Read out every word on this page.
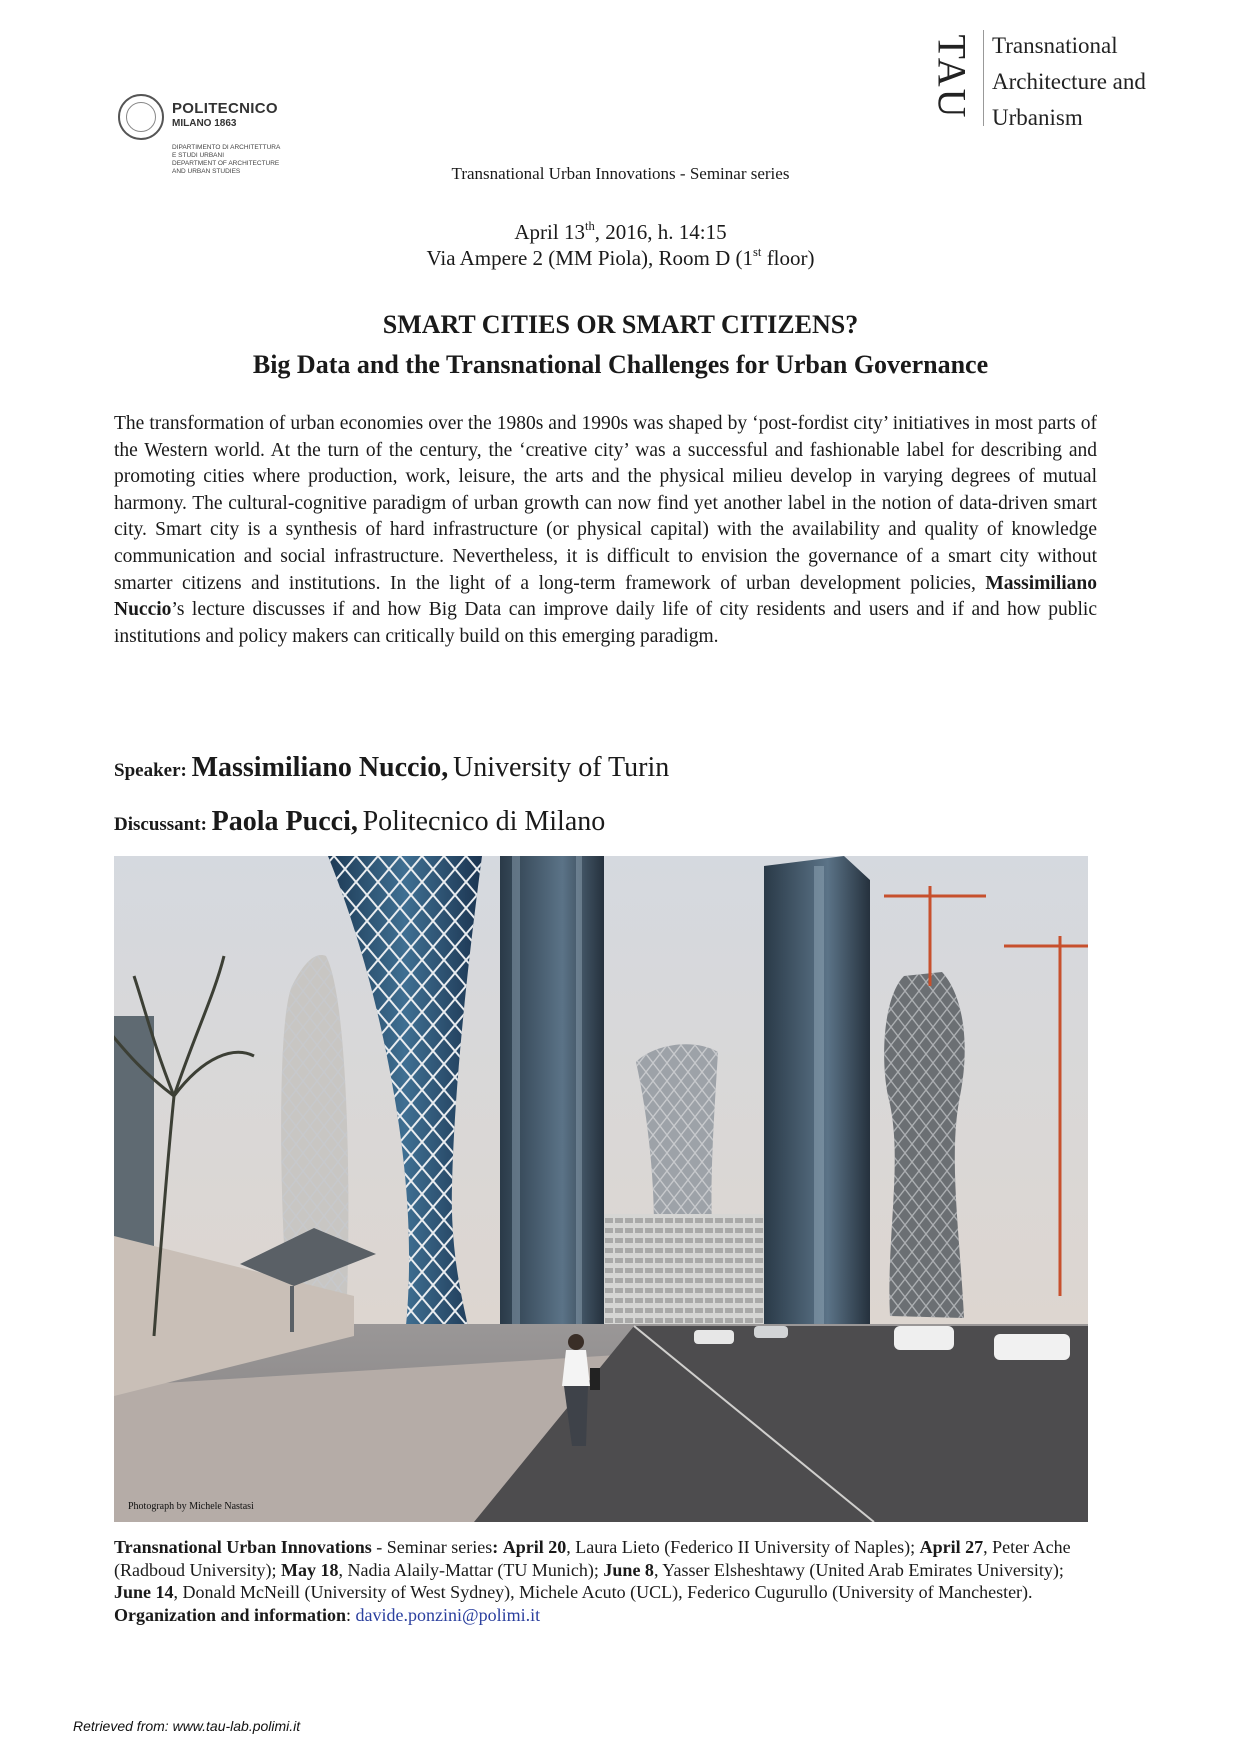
POLITECNICO
MILANO 1863
DIPARTIMENTO DI ARCHITETTURA
E STUDI URBANI
DEPARTMENT OF ARCHITECTURE
AND URBAN STUDIES
TAU Transnational
Architecture and
Urbanism
Transnational Urban Innovations - Seminar series
April 13th, 2016, h. 14:15
Via Ampere 2 (MM Piola), Room D (1st floor)
SMART CITIES OR SMART CITIZENS?
Big Data and the Transnational Challenges for Urban Governance
The transformation of urban economies over the 1980s and 1990s was shaped by ‘post-fordist city’ initiatives in most parts of the Western world. At the turn of the century, the ‘creative city’ was a successful and fashionable label for describing and promoting cities where production, work, leisure, the arts and the physical milieu develop in varying degrees of mutual harmony. The cultural-cognitive paradigm of urban growth can now find yet another label in the notion of data-driven smart city. Smart city is a synthesis of hard infrastructure (or physical capital) with the availability and quality of knowledge communication and social infrastructure. Nevertheless, it is difficult to envision the governance of a smart city without smarter citizens and institutions. In the light of a long-term framework of urban development policies, Massimiliano Nuccio’s lecture discusses if and how Big Data can improve daily life of city residents and users and if and how public institutions and policy makers can critically build on this emerging paradigm.
Speaker: Massimiliano Nuccio, University of Turin
Discussant: Paola Pucci, Politecnico di Milano
Photograph by Michele Nastasi
Transnational Urban Innovations - Seminar series: April 20, Laura Lieto (Federico II University of Naples); April 27, Peter Ache (Radboud University); May 18, Nadia Alaily-Mattar (TU Munich); June 8, Yasser Elsheshtawy (United Arab Emirates University); June 14, Donald McNeill (University of West Sydney), Michele Acuto (UCL), Federico Cugurullo (University of Manchester).
Organization and information: davide.ponzini@polimi.it
Retrieved from: www.tau-lab.polimi.it
